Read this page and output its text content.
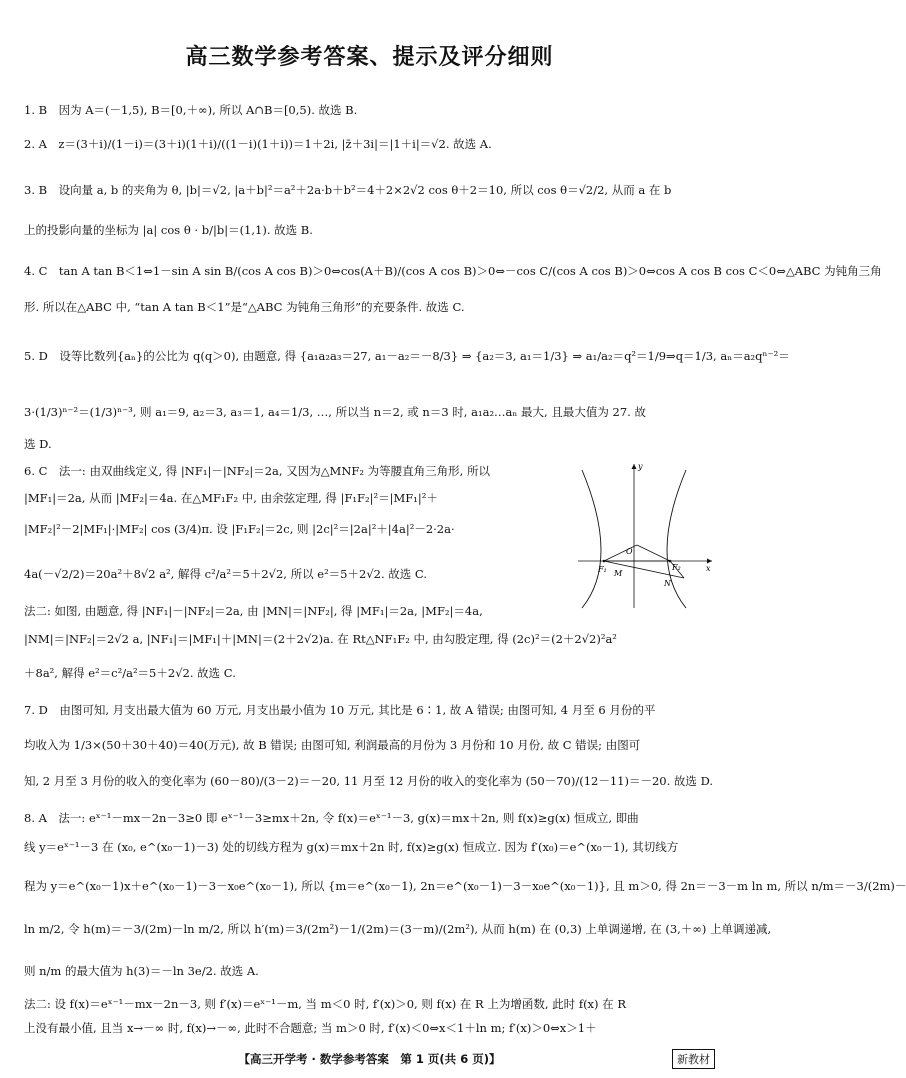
高三数学参考答案、提示及评分细则
1. B　因为 A＝(－1,5), B＝[0,＋∞), 所以 A∩B＝[0,5). 故选 B.
2. A　z＝(3＋i)/(1－i)＝(3＋i)(1＋i)/((1－i)(1＋i))＝1＋2i, |z̄＋3i|＝|1＋i|＝√2. 故选 A.
3. B　设向量 a, b 的夹角为 θ, |b|＝√2, |a＋b|²＝a²＋2a·b＋b²＝4＋2×2√2 cos θ＋2＝10, 所以 cos θ＝√2/2, 从而 a 在 b
上的投影向量的坐标为 |a| cos θ · b/|b|＝(1,1). 故选 B.
4. C　tan A tan B＜1⇔1－sin A sin B/(cos A cos B)＞0⇔cos(A＋B)/(cos A cos B)＞0⇔－cos C/(cos A cos B)＞0⇔cos A cos B cos C＜0⇔△ABC 为钝角三角
形. 所以在△ABC 中, “tan A tan B＜1”是“△ABC 为钝角三角形”的充要条件. 故选 C.
5. D　设等比数列{aₙ}的公比为 q(q＞0), 由题意, 得 {a₁a₂a₃＝27, a₁－a₂＝－8/3} ⇒ {a₂＝3, a₁＝1/3} ⇒ a₁/a₂＝q²＝1/9⇒q＝1/3, aₙ＝a₂qⁿ⁻²＝
3·(1/3)ⁿ⁻²＝(1/3)ⁿ⁻³, 则 a₁＝9, a₂＝3, a₃＝1, a₄＝1/3, …, 所以当 n＝2, 或 n＝3 时, a₁a₂…aₙ 最大, 且最大值为 27. 故
选 D.
6. C　法一: 由双曲线定义, 得 |NF₁|－|NF₂|＝2a, 又因为△MNF₂ 为等腰直角三角形, 所以
|MF₁|＝2a, 从而 |MF₂|＝4a. 在△MF₁F₂ 中, 由余弦定理, 得 |F₁F₂|²＝|MF₁|²＋
|MF₂|²－2|MF₁|·|MF₂| cos (3/4)π. 设 |F₁F₂|＝2c, 则 |2c|²＝|2a|²＋|4a|²－2·2a·
4a(－√2/2)＝20a²＋8√2 a², 解得 c²/a²＝5＋2√2, 所以 e²＝5＋2√2. 故选 C.
法二: 如图, 由题意, 得 |NF₁|－|NF₂|＝2a, 由 |MN|＝|NF₂|, 得 |MF₁|＝2a, |MF₂|＝4a,
|NM|＝|NF₂|＝2√2 a, |NF₁|＝|MF₁|＋|MN|＝(2＋2√2)a. 在 Rt△NF₁F₂ 中, 由勾股定理, 得 (2c)²＝(2＋2√2)²a²
＋8a², 解得 e²＝c²/a²＝5＋2√2. 故选 C.
7. D　由图可知, 月支出最大值为 60 万元, 月支出最小值为 10 万元, 其比是 6∶1, 故 A 错误; 由图可知, 4 月至 6 月份的平
均收入为 1/3×(50＋30＋40)＝40(万元), 故 B 错误; 由图可知, 利润最高的月份为 3 月份和 10 月份, 故 C 错误; 由图可
知, 2 月至 3 月份的收入的变化率为 (60－80)/(3－2)＝－20, 11 月至 12 月份的收入的变化率为 (50－70)/(12－11)＝－20. 故选 D.
8. A　法一: eˣ⁻¹－mx－2n－3≥0 即 eˣ⁻¹－3≥mx＋2n, 令 f(x)＝eˣ⁻¹－3, g(x)＝mx＋2n, 则 f(x)≥g(x) 恒成立, 即曲
线 y＝eˣ⁻¹－3 在 (x₀, e^(x₀－1)－3) 处的切线方程为 g(x)＝mx＋2n 时, f(x)≥g(x) 恒成立. 因为 f′(x₀)＝e^(x₀－1), 其切线方
程为 y＝e^(x₀－1)x＋e^(x₀－1)－3－x₀e^(x₀－1), 所以 {m＝e^(x₀－1), 2n＝e^(x₀－1)－3－x₀e^(x₀－1)}, 且 m＞0, 得 2n＝－3－m ln m, 所以 n/m＝－3/(2m)－
ln m/2, 令 h(m)＝－3/(2m)－ln m/2, 所以 h′(m)＝3/(2m²)－1/(2m)＝(3－m)/(2m²), 从而 h(m) 在 (0,3) 上单调递增, 在 (3,＋∞) 上单调递减,
则 n/m 的最大值为 h(3)＝－ln 3e/2. 故选 A.
法二: 设 f(x)＝eˣ⁻¹－mx－2n－3, 则 f′(x)＝eˣ⁻¹－m, 当 m＜0 时, f′(x)＞0, 则 f(x) 在 R 上为增函数, 此时 f(x) 在 R
上没有最小值, 且当 x→－∞ 时, f(x)→－∞, 此时不合题意; 当 m＞0 时, f′(x)＜0⇔x＜1＋ln m; f′(x)＞0⇔x＞1＋
y
x
O
F₁	F₂
M
N
【高三开学考 · 数学参考答案　第 1 页(共 6 页)】	新教材
